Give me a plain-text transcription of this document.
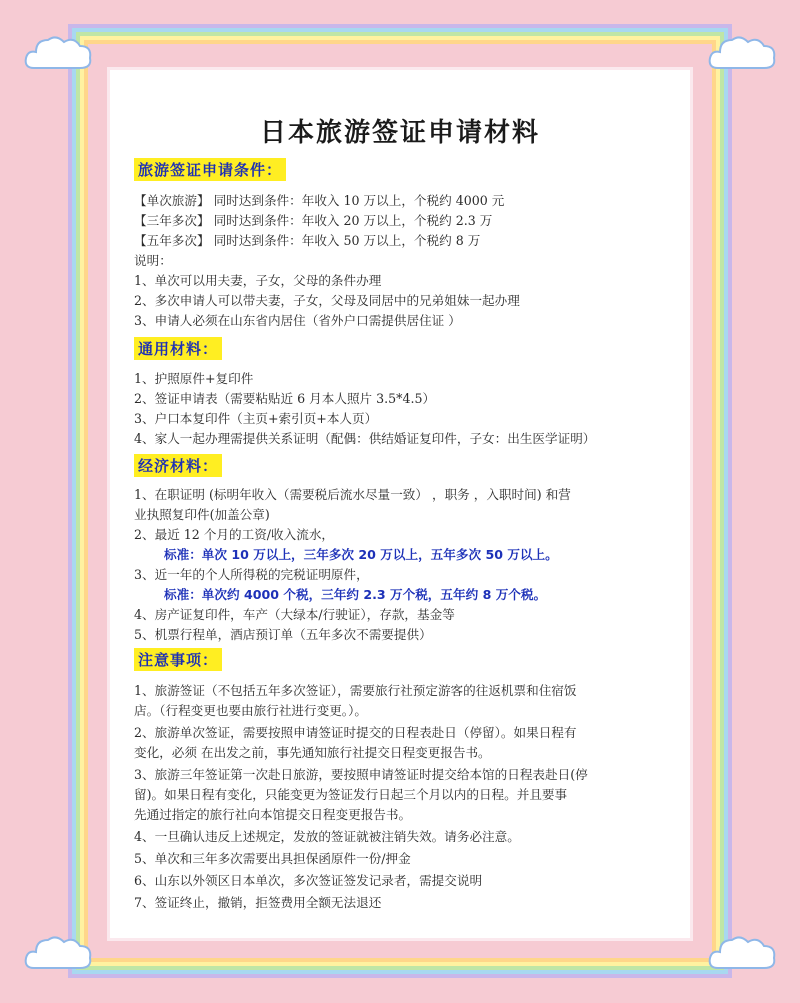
日本旅游签证申请材料
旅游签证申请条件：
【单次旅游】 同时达到条件：年收入 10 万以上，个税约 4000 元
【三年多次】 同时达到条件：年收入 20 万以上，个税约 2.3 万
【五年多次】 同时达到条件：年收入 50 万以上，个税约 8 万
说明：
1、单次可以用夫妻，子女，父母的条件办理
2、多次申请人可以带夫妻，子女，父母及同居中的兄弟姐妹一起办理
3、申请人必须在山东省内居住（省外户口需提供居住证 ）
通用材料：
1、护照原件+复印件
2、签证申请表（需要粘贴近 6 月本人照片 3.5*4.5）
3、户口本复印件（主页+索引页+本人页）
4、家人一起办理需提供关系证明（配偶：供结婚证复印件，子女：出生医学证明）
经济材料：
1、在职证明 (标明年收入（需要税后流水尽量一致） ，职务 ，入职时间) 和营
业执照复印件(加盖公章)
2、最近 12 个月的工资/收入流水，
标准：单次 10 万以上，三年多次 20 万以上，五年多次 50 万以上。
3、近一年的个人所得税的完税证明原件，
标准：单次约 4000 个税，三年约 2.3 万个税，五年约 8 万个税。
4、房产证复印件，车产（大绿本/行驶证），存款，基金等
5、机票行程单，酒店预订单（五年多次不需要提供）
注意事项：
1、旅游签证（不包括五年多次签证），需要旅行社预定游客的往返机票和住宿饭
店。（行程变更也要由旅行社进行变更。）。
2、旅游单次签证，需要按照申请签证时提交的日程表赴日（停留）。如果日程有
变化，必须 在出发之前，事先通知旅行社提交日程变更报告书。
3、旅游三年签证第一次赴日旅游，要按照申请签证时提交给本馆的日程表赴日(停
留)。如果日程有变化，只能变更为签证发行日起三个月以内的日程。并且要事
先通过指定的旅行社向本馆提交日程变更报告书。
4、一旦确认违反上述规定，发放的签证就被注销失效。请务必注意。
5、单次和三年多次需要出具担保函原件一份/押金
6、山东以外领区日本单次，多次签证签发记录者，需提交说明
7、签证终止，撤销，拒签费用全额无法退还
